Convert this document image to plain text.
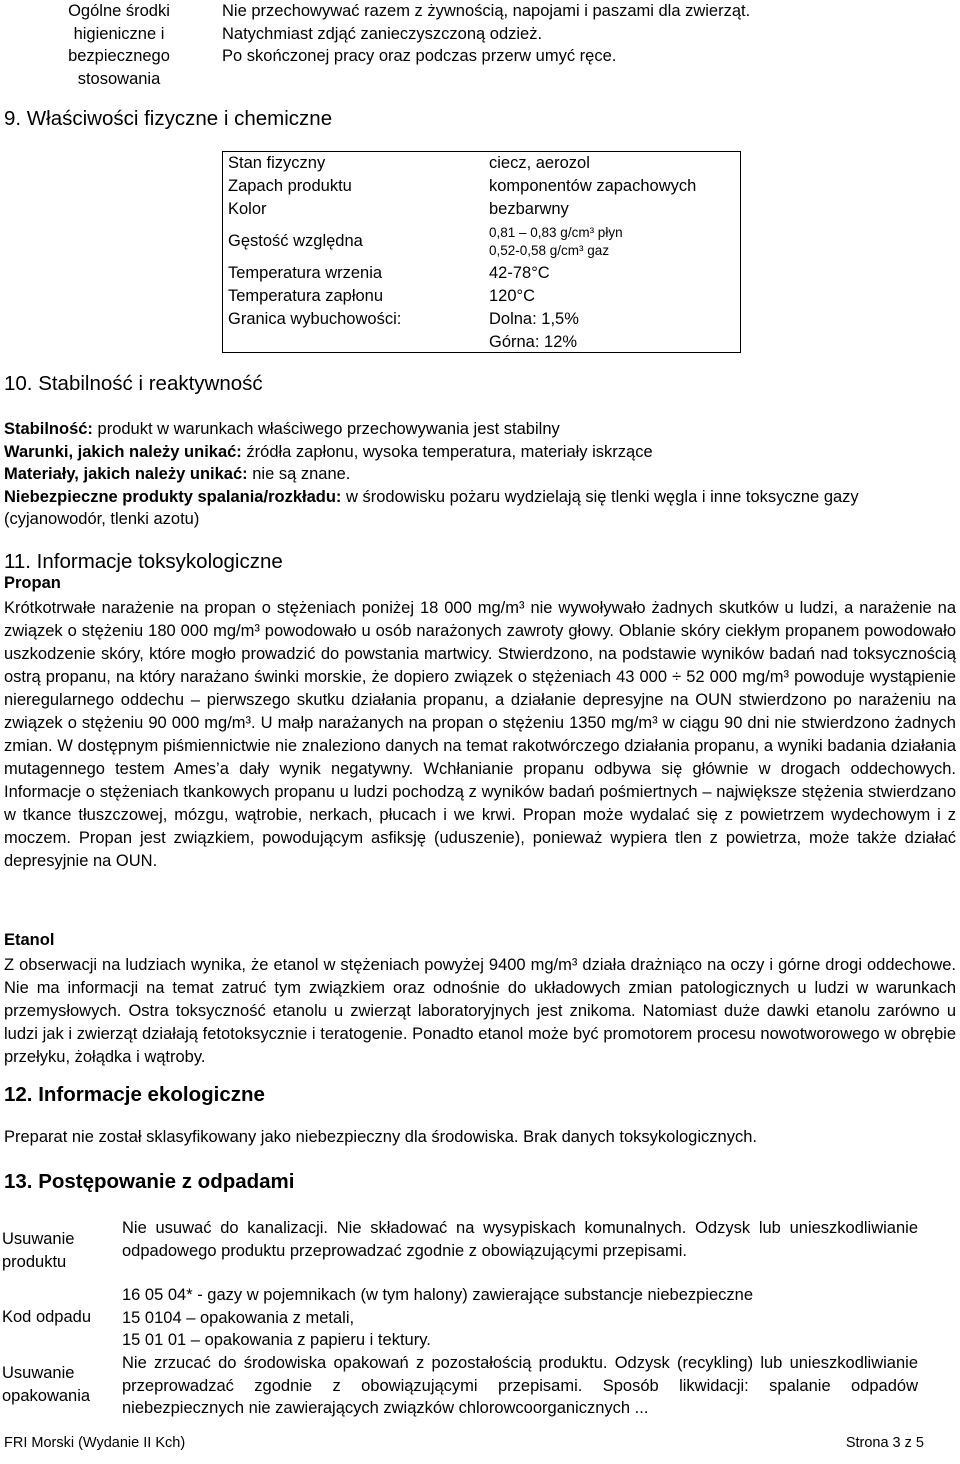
Ogólne środki higieniczne i bezpiecznego stosowania
Nie przechowywać razem z żywnością, napojami i paszami dla zwierząt.
Natychmiast zdjąć zanieczyszczoną odzież.
Po skończonej pracy oraz podczas przerw umyć ręce.
9. Właściwości fizyczne i chemiczne
Stan fizyczny	ciecz, aerozol
Zapach produktu	komponentów zapachowych
Kolor	bezbarwny
Gęstość względna	0,81 – 0,83 g/cm³ płyn
0,52-0,58 g/cm³ gaz
Temperatura wrzenia	42-78°C
Temperatura zapłonu	120°C
Granica wybuchowości:	Dolna: 1,5%
Górna: 12%
10. Stabilność i reaktywność
Stabilność: produkt w warunkach właściwego przechowywania jest stabilny
Warunki, jakich należy unikać: źródła zapłonu, wysoka temperatura, materiały iskrzące
Materiały, jakich należy unikać: nie są znane.
Niebezpieczne produkty spalania/rozkładu: w środowisku pożaru wydzielają się tlenki węgla i inne toksyczne gazy (cyjanowodór, tlenki azotu)
11. Informacje toksykologiczne
Propan
Krótkotrwałe narażenie na propan o stężeniach poniżej 18 000 mg/m³ nie wywoływało żadnych skutków u ludzi, a narażenie na związek o stężeniu 180 000 mg/m³ powodowało u osób narażonych zawroty głowy. Oblanie skóry ciekłym propanem powodowało uszkodzenie skóry, które mogło prowadzić do powstania martwicy. Stwierdzono, na podstawie wyników badań nad toksycznością ostrą propanu, na który narażano świnki morskie, że dopiero związek o stężeniach 43 000 ÷ 52 000 mg/m³ powoduje wystąpienie nieregularnego oddechu – pierwszego skutku działania propanu, a działanie depresyjne na OUN stwierdzono po narażeniu na związek o stężeniu 90 000 mg/m³. U małp narażanych na propan o stężeniu 1350 mg/m³ w ciągu 90 dni nie stwierdzono żadnych zmian. W dostępnym piśmiennictwie nie znaleziono danych na temat rakotwórczego działania propanu, a wyniki badania działania mutagennego testem Ames’a dały wynik negatywny. Wchłanianie propanu odbywa się głównie w drogach oddechowych. Informacje o stężeniach tkankowych propanu u ludzi pochodzą z wyników badań pośmiertnych – największe stężenia stwierdzano w tkance tłuszczowej, mózgu, wątrobie, nerkach, płucach i we krwi. Propan może wydalać się z powietrzem wydechowym i z moczem. Propan jest związkiem, powodującym asfiksję (uduszenie), ponieważ wypiera tlen z powietrza, może także działać depresyjnie na OUN.
Etanol
Z obserwacji na ludziach wynika, że etanol w stężeniach powyżej 9400 mg/m³ działa drażniąco na oczy i górne drogi oddechowe. Nie ma informacji na temat zatruć tym związkiem oraz odnośnie do układowych zmian patologicznych u ludzi w warunkach przemysłowych. Ostra toksyczność etanolu u zwierząt laboratoryjnych jest znikoma. Natomiast duże dawki etanolu zarówno u ludzi jak i zwierząt działają fetotoksycznie i teratogenie. Ponadto etanol może być promotorem procesu nowotworowego w obrębie przełyku, żołądka i wątroby.
12. Informacje ekologiczne
Preparat nie został sklasyfikowany jako niebezpieczny dla środowiska. Brak danych toksykologicznych.
13. Postępowanie z odpadami
Usuwanie produktu
Nie usuwać do kanalizacji. Nie składować na wysypiskach komunalnych. Odzysk lub unieszkodliwianie odpadowego produktu przeprowadzać zgodnie z obowiązującymi przepisami.
Kod odpadu
16 05 04* - gazy w pojemnikach (w tym halony) zawierające substancje niebezpieczne
15 0104 – opakowania z metali,
15 01 01 – opakowania z papieru i tektury.
Usuwanie opakowania
Nie zrzucać do środowiska opakowań z pozostałością produktu. Odzysk (recykling) lub unieszkodliwianie przeprowadzać zgodnie z obowiązującymi przepisami. Sposób likwidacji: spalanie odpadów niebezpiecznych nie zawierających związków chlorowcoorganicznych ...
FRI Morski (Wydanie II Kch)	Strona 3 z 5
